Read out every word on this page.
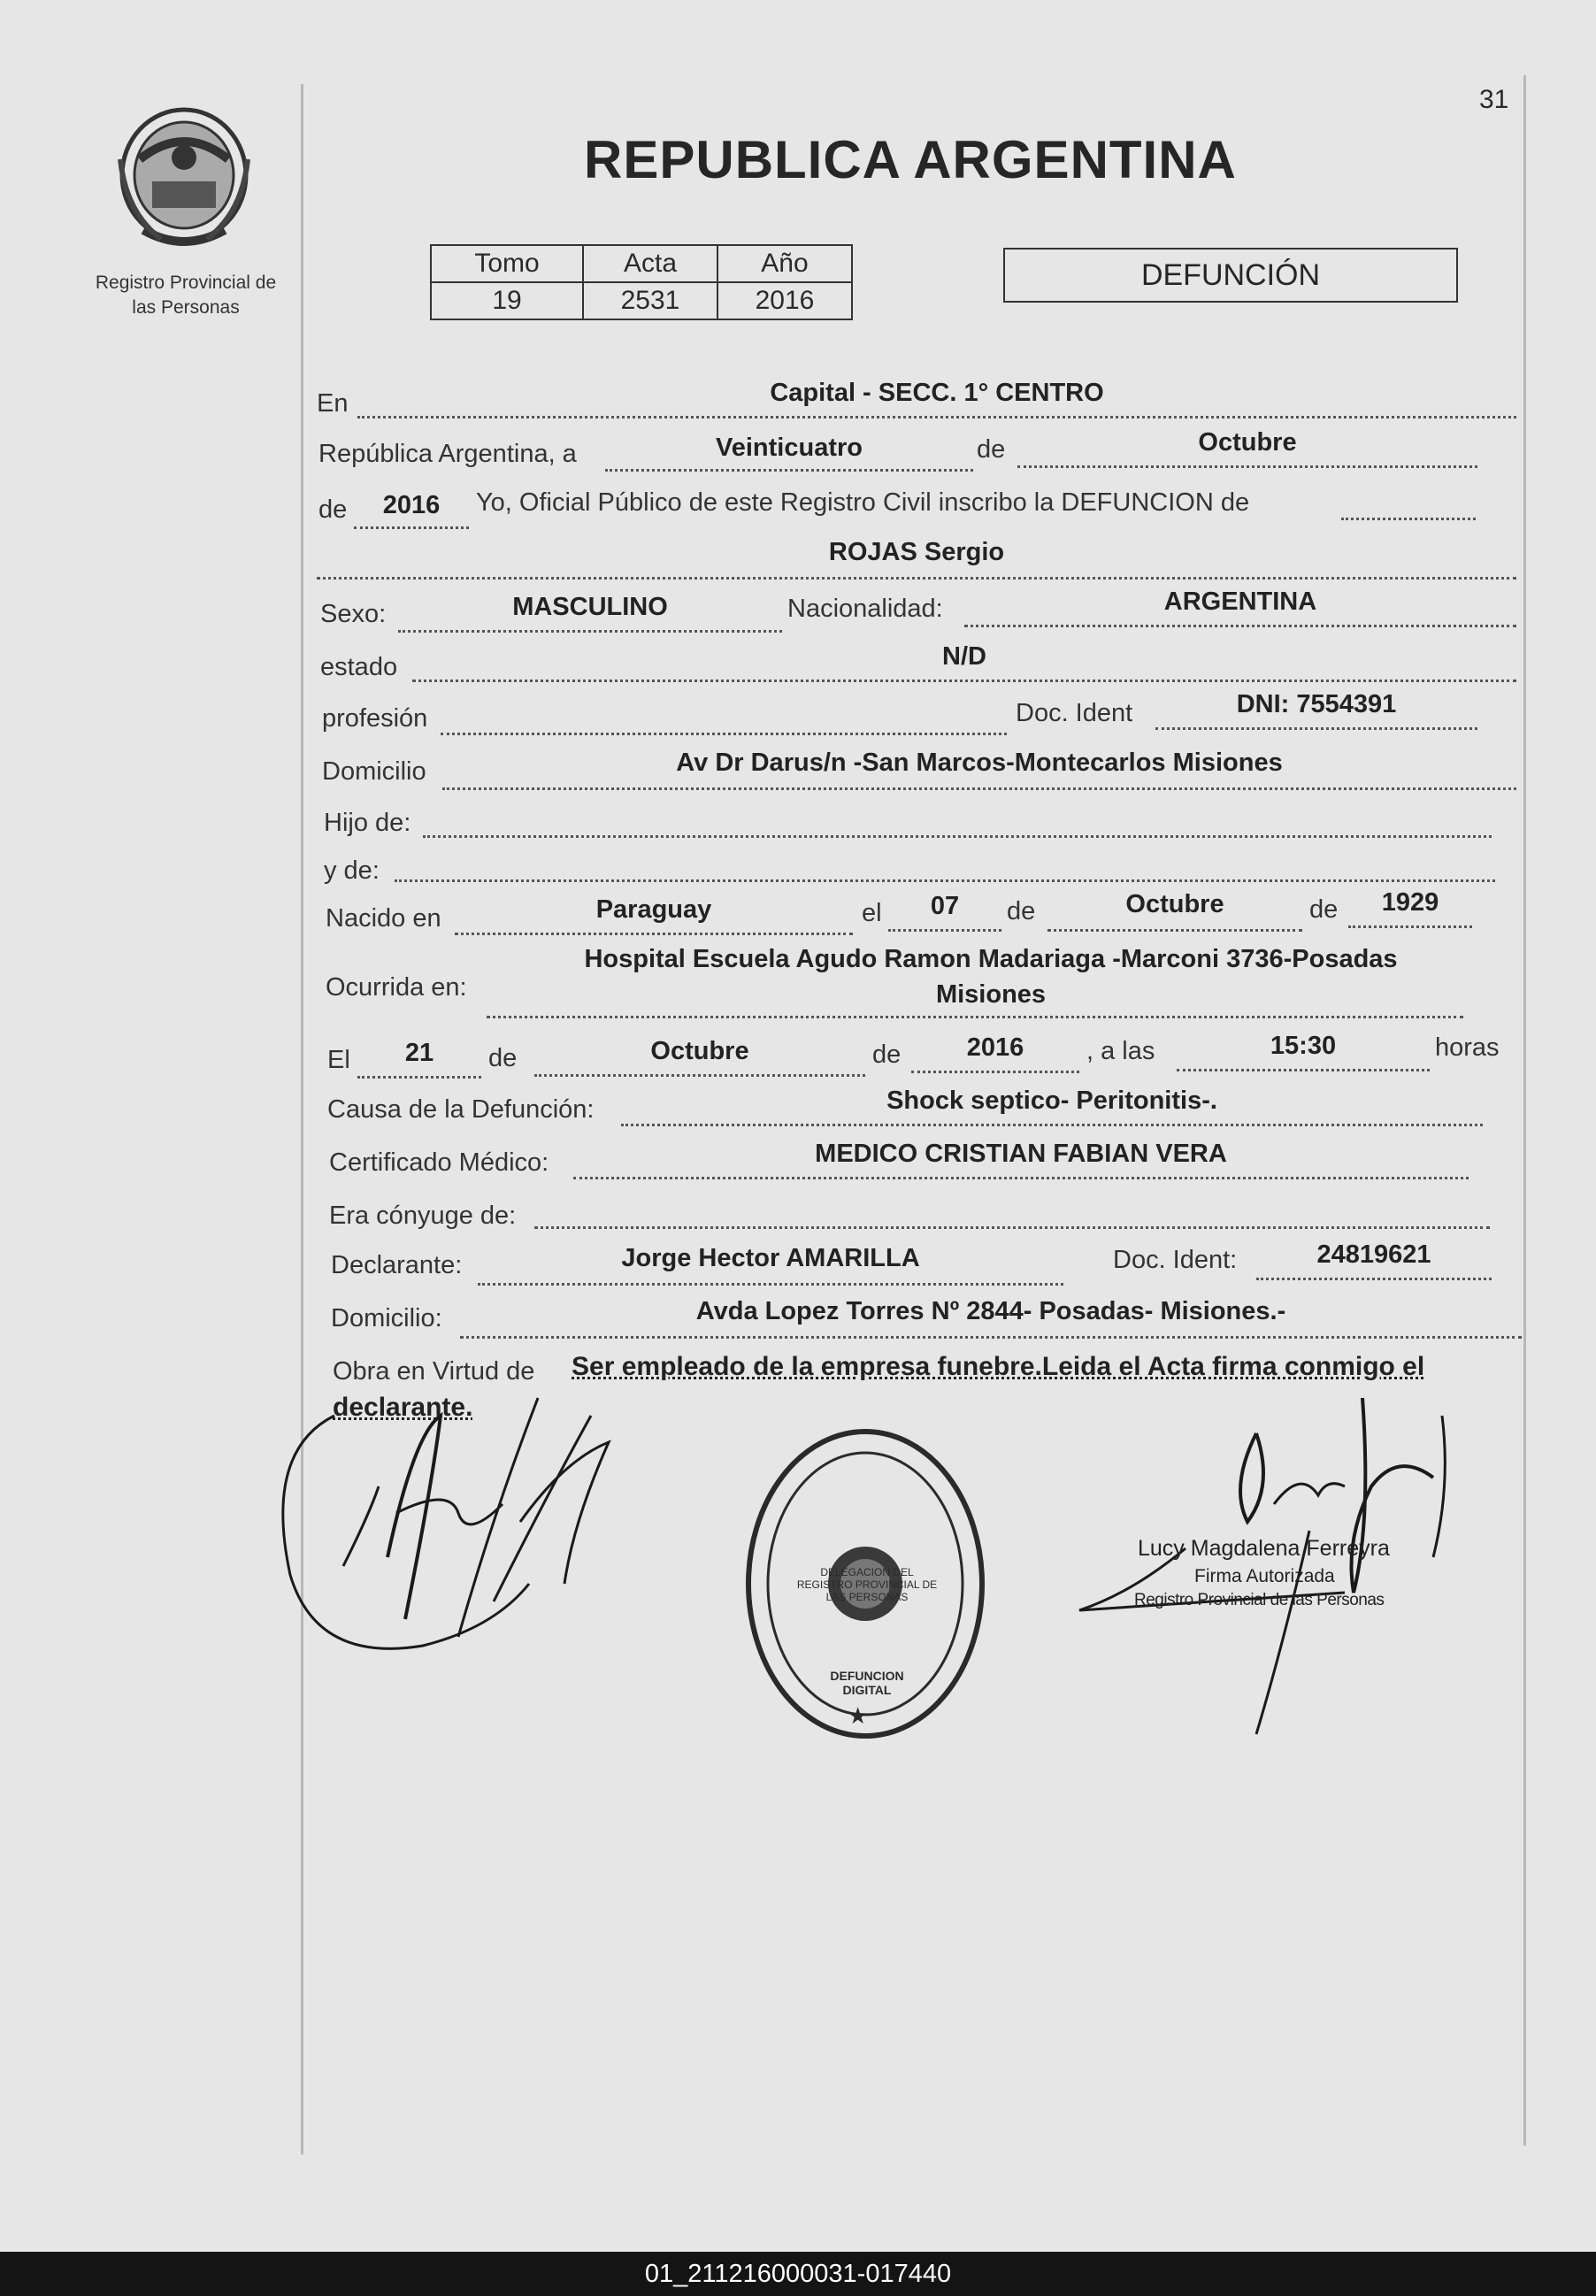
31
Registro Provincial de
las Personas
REPUBLICA ARGENTINA
Tomo	Acta	Año
19	2531	2016
DEFUNCIÓN
En	Capital - SECC. 1° CENTRO
República Argentina, a	Veinticuatro	de	Octubre
de	2016	Yo, Oficial Público de este Registro Civil inscribo la DEFUNCION de
ROJAS Sergio
Sexo:	MASCULINO	Nacionalidad:	ARGENTINA
estado	N/D
profesión	Doc. Ident	DNI: 7554391
Domicilio	Av Dr Darus/n -San Marcos-Montecarlos Misiones
Hijo de:
y de:
Nacido en	Paraguay	el	07	de	Octubre	de	1929
Ocurrida en:
Hospital Escuela Agudo Ramon Madariaga -Marconi 3736-Posadas
Misiones
El	21	de	Octubre	de	2016	, a las	15:30	horas
Causa de la Defunción:	Shock septico- Peritonitis-.
Certificado Médico:	MEDICO CRISTIAN FABIAN VERA
Era cónyuge de:
Declarante:	Jorge Hector AMARILLA	Doc. Ident:	24819621
Domicilio:	Avda Lopez Torres Nº 2844- Posadas- Misiones.-
Obra en Virtud de Ser empleado de la empresa funebre.Leida el Acta firma conmigo el
declarante.
★
DELEGACION DEL REGISTRO PROVINCIAL DE LAS PERSONAS
DEFUNCION DIGITAL
Lucy Magdalena Ferreyra
Firma Autorizada
Registro Provincial de las Personas
01_211216000031-017440
